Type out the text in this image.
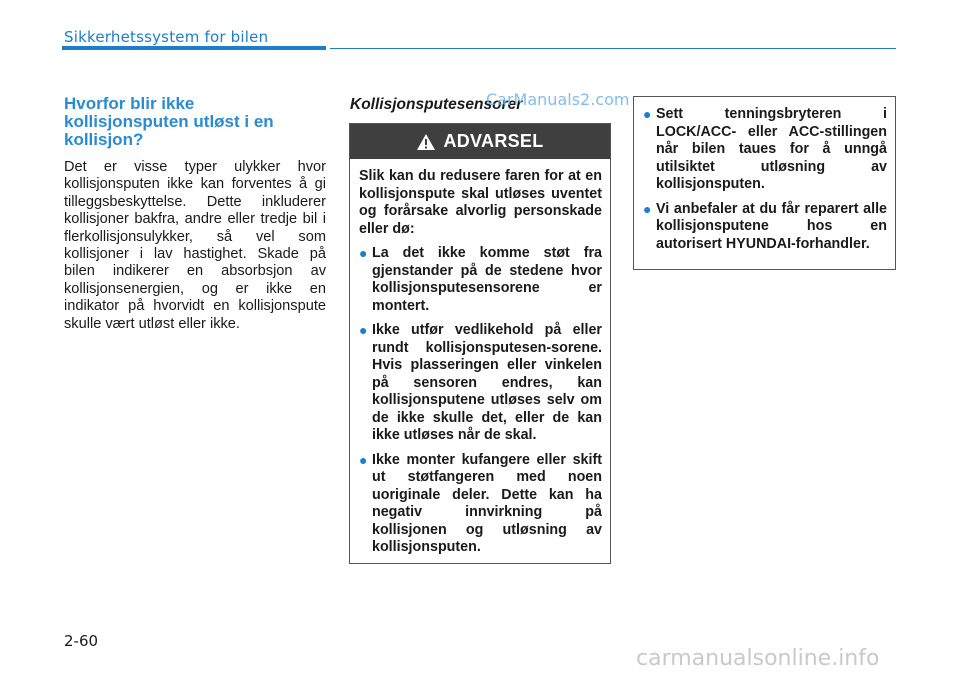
Sikkerhetssystem for bilen
Hvorfor blir ikke
kollisjonsputen utløst i en
kollisjon?

Det er visse typer ulykker hvor kollisjonsputen ikke kan forventes å gi tilleggsbeskyttelse. Dette inkluderer kollisjoner bakfra, andre eller tredje bil i flerkollisjonsulykker, så vel som kollisjoner i lav hastighet. Skade på bilen indikerer en absorbsjon av kollisjonsenergien, og er ikke en indikator på hvorvidt en kollisjonspute skulle vært utløst eller ikke.

Kollisjonsputesensorer
ADVARSEL

Slik kan du redusere faren for at en kollisjonspute skal utløses uventet og forårsake alvorlig personskade eller dø:

● La det ikke komme støt fra gjenstander på de stedene hvor kollisjonsputesensorene er montert.
● Ikke utfør vedlikehold på eller rundt kollisjonsputesen-sorene. Hvis plasseringen eller vinkelen på sensoren endres, kan kollisjonsputene utløses selv om de ikke skulle det, eller de kan ikke utløses når de skal.
● Ikke monter kufangere eller skift ut støtfangeren med noen uoriginale deler. Dette kan ha negativ innvirkning på kollisjonen og utløsning av kollisjonsputen.
● Sett tenningsbryteren i LOCK/ACC- eller ACC-stillingen når bilen taues for å unngå utilsiktet utløsning av kollisjonsputen.
● Vi anbefaler at du får reparert alle kollisjonsputene hos en autorisert HYUNDAI-forhandler.
CarManuals2.com
2-60
carmanualsonline.info
